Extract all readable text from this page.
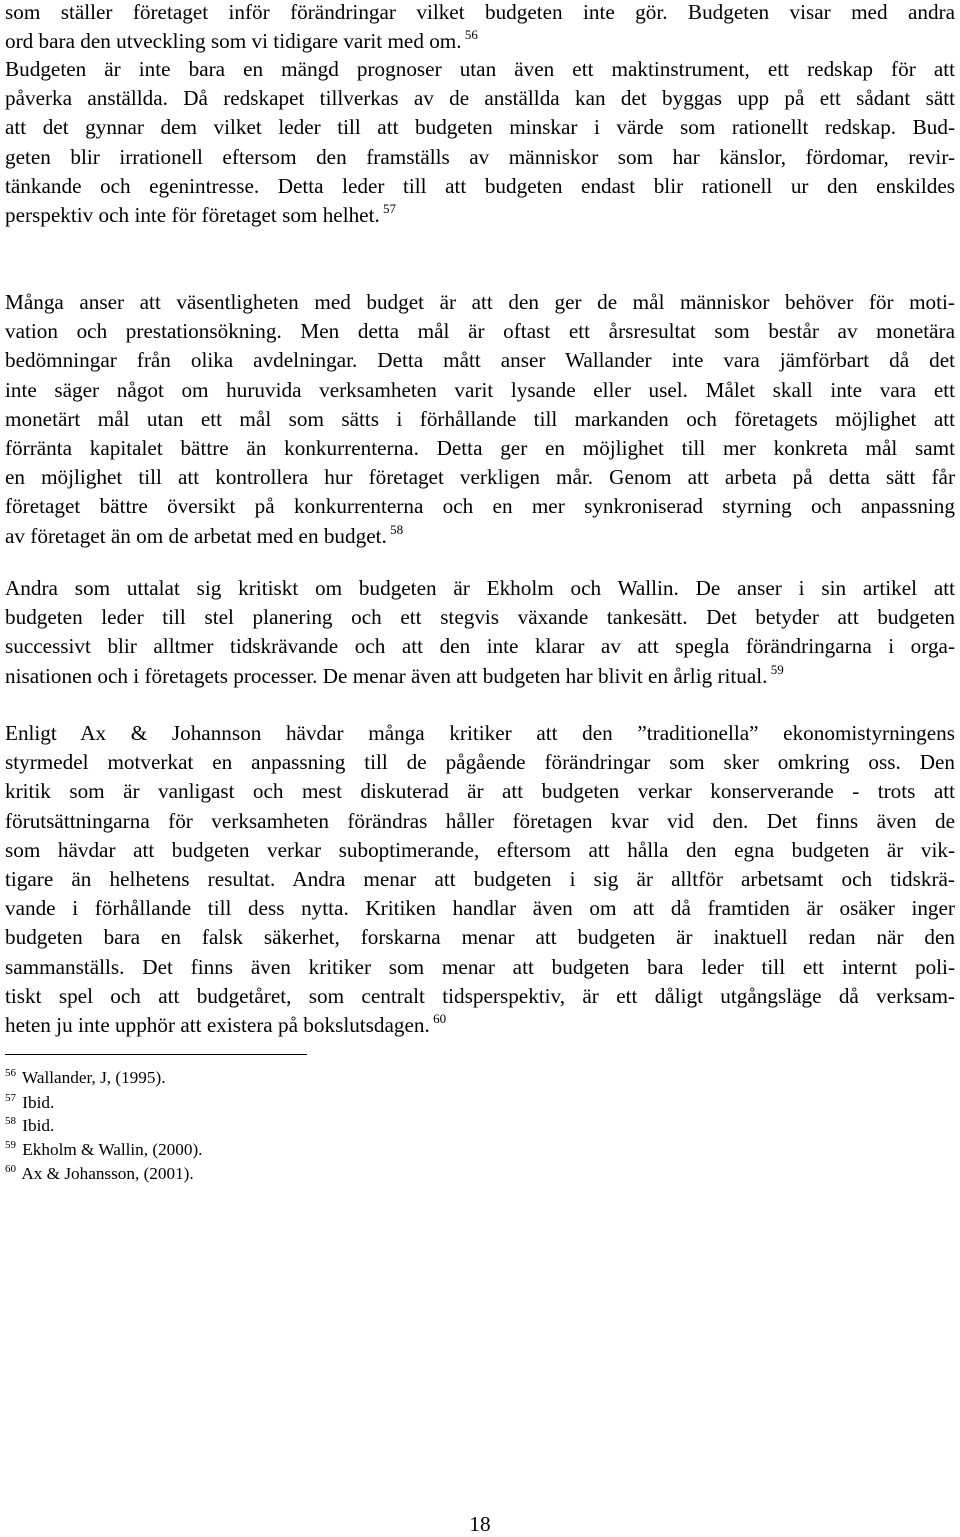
som ställer företaget inför förändringar vilket budgeten inte gör. Budgeten visar med andra
ord bara den utveckling som vi tidigare varit med om. $^{56}$
Budgeten är inte bara en mängd prognoser utan även ett maktinstrument, ett redskap för att
påverka anställda. Då redskapet tillverkas av de anställda kan det byggas upp på ett sådant sätt
att det gynnar dem vilket leder till att budgeten minskar i värde som rationellt redskap. Bud-
geten blir irrationell eftersom den framställs av människor som har känslor, fördomar, revir-
tänkande och egenintresse. Detta leder till att budgeten endast blir rationell ur den enskildes
perspektiv och inte för företaget som helhet. $^{57}$
Många anser att väsentligheten med budget är att den ger de mål människor behöver för moti-
vation och prestationsökning. Men detta mål är oftast ett årsresultat som består av monetära
bedömningar från olika avdelningar. Detta mått anser Wallander inte vara jämförbart då det
inte säger något om huruvida verksamheten varit lysande eller usel. Målet skall inte vara ett
monetärt mål utan ett mål som sätts i förhållande till markanden och företagets möjlighet att
förränta kapitalet bättre än konkurrenterna. Detta ger en möjlighet till mer konkreta mål samt
en möjlighet till att kontrollera hur företaget verkligen mår. Genom att arbeta på detta sätt får
företaget bättre översikt på konkurrenterna och en mer synkroniserad styrning och anpassning
av företaget än om de arbetat med en budget. $^{58}$
Andra som uttalat sig kritiskt om budgeten är Ekholm och Wallin. De anser i sin artikel att
budgeten leder till stel planering och ett stegvis växande tankesätt. Det betyder att budgeten
successivt blir alltmer tidskrävande och att den inte klarar av att spegla förändringarna i orga-
nisationen och i företagets processer. De menar även att budgeten har blivit en årlig ritual. $^{59}$
Enligt Ax & Johannson hävdar många kritiker att den ”traditionella” ekonomistyrningens
styrmedel motverkat en anpassning till de pågående förändringar som sker omkring oss. Den
kritik som är vanligast och mest diskuterad är att budgeten verkar konserverande - trots att
förutsättningarna för verksamheten förändras håller företagen kvar vid den. Det finns även de
som hävdar att budgeten verkar suboptimerande, eftersom att hålla den egna budgeten är vik-
tigare än helhetens resultat. Andra menar att budgeten i sig är alltför arbetsamt och tidskrä-
vande i förhållande till dess nytta. Kritiken handlar även om att då framtiden är osäker inger
budgeten bara en falsk säkerhet, forskarna menar att budgeten är inaktuell redan när den
sammanställs. Det finns även kritiker som menar att budgeten bara leder till ett internt poli-
tiskt spel och att budgetåret, som centralt tidsperspektiv, är ett dåligt utgångsläge då verksam-
heten ju inte upphör att existera på bokslutsdagen. $^{60}$
$^{56}$ Wallander, J, (1995).
$^{57}$ Ibid.
$^{58}$ Ibid.
$^{59}$ Ekholm & Wallin, (2000).
$^{60}$ Ax & Johansson, (2001).
18
